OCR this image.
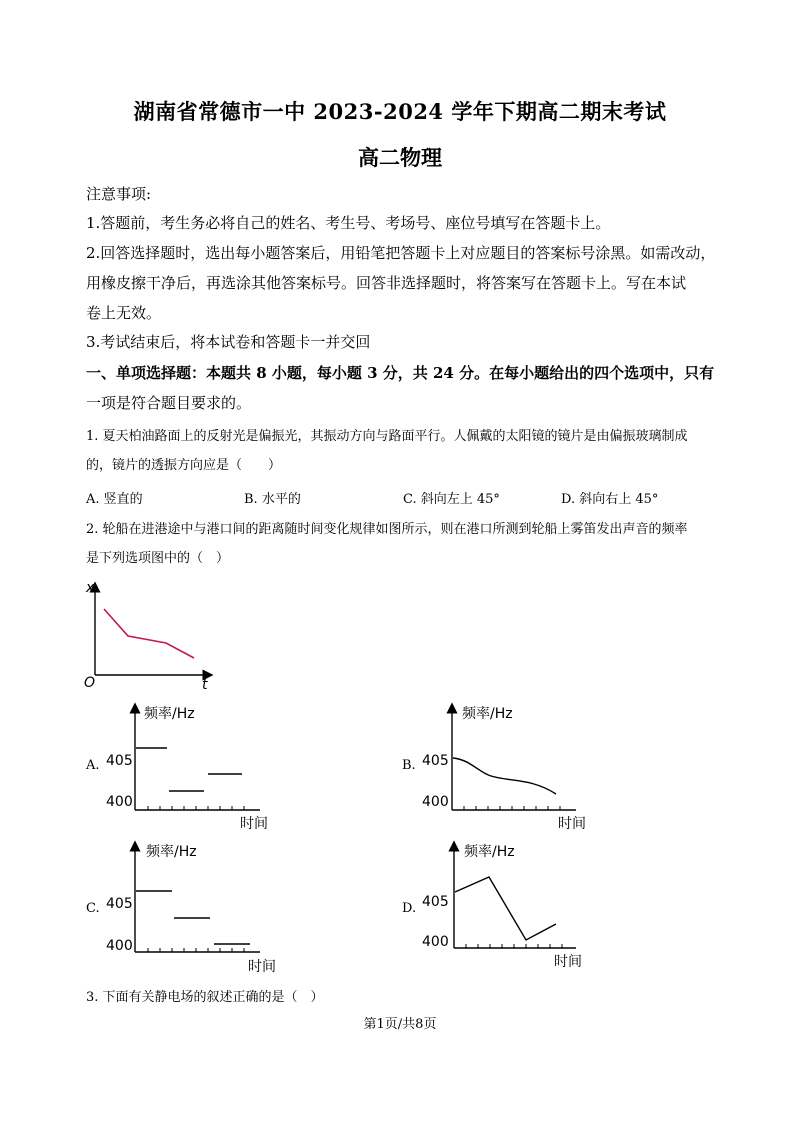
湖南省常德市一中 2023-2024 学年下期高二期末考试
高二物理
注意事项:
1.答题前，考生务必将自己的姓名、考生号、考场号、座位号填写在答题卡上。
2.回答选择题时，选出每小题答案后，用铅笔把答题卡上对应题目的答案标号涂黑。如需改动，
用橡皮擦干净后，再选涂其他答案标号。回答非选择题时，将答案写在答题卡上。写在本试
卷上无效。
3.考试结束后，将本试卷和答题卡一并交回
一、单项选择题：本题共 8 小题，每小题 3 分，共 24 分。在每小题给出的四个选项中，只有
一项是符合题目要求的。
1. 夏天柏油路面上的反射光是偏振光，其振动方向与路面平行。人佩戴的太阳镜的镜片是由偏振玻璃制成
的，镜片的透振方向应是（　　）
A. 竖直的	B. 水平的	C. 斜向左上 45°	D. 斜向右上 45°
2. 轮船在进港途中与港口间的距离随时间变化规律如图所示，则在港口所测到轮船上雾笛发出声音的频率
是下列选项图中的（　）
x
t
O
A.
频率/Hz
405
400
时间
B.
频率/Hz
405
400
时间
C.
频率/Hz
405
400
时间
D.
频率/Hz
405
400
时间
3. 下面有关静电场的叙述正确的是（　）
第1页/共8页
